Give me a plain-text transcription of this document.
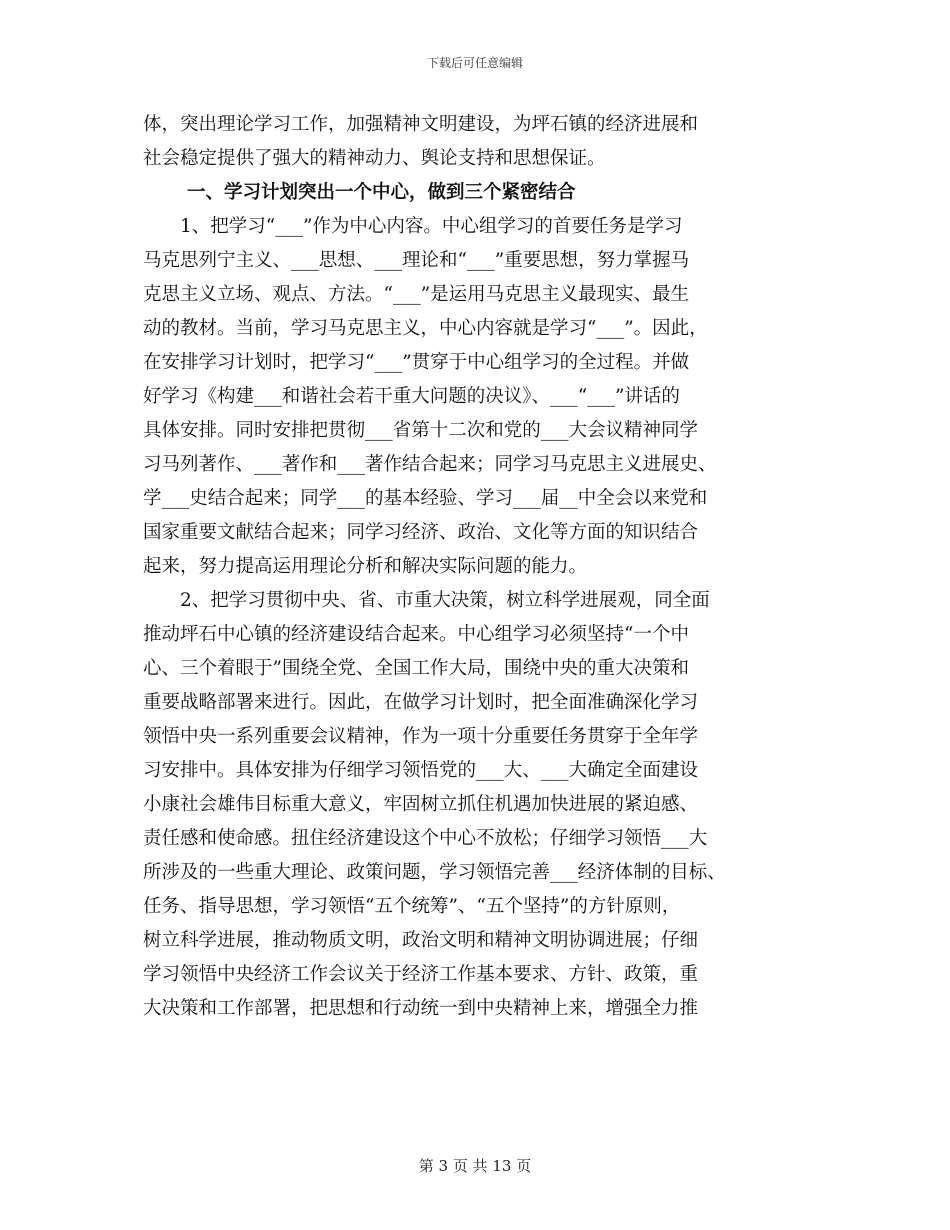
下载后可任意编辑
体，突出理论学习工作，加强精神文明建设，为坪石镇的经济进展和
社会稳定提供了强大的精神动力、舆论支持和思想保证。
一、学习计划突出一个中心，做到三个紧密结合
　　1、把学习“___”作为中心内容。中心组学习的首要任务是学习
马克思列宁主义、___思想、___理论和“___”重要思想，努力掌握马
克思主义立场、观点、方法。“___”是运用马克思主义最现实、最生
动的教材。当前，学习马克思主义，中心内容就是学习“___”。因此，
在安排学习计划时，把学习“___”贯穿于中心组学习的全过程。并做
好学习《构建___和谐社会若干重大问题的决议》、___“___”讲话的
具体安排。同时安排把贯彻___省第十二次和党的___大会议精神同学
习马列著作、___著作和___著作结合起来；同学习马克思主义进展史、
学___史结合起来；同学___的基本经验、学习___届__中全会以来党和
国家重要文献结合起来；同学习经济、政治、文化等方面的知识结合
起来，努力提高运用理论分析和解决实际问题的能力。
　　2、把学习贯彻中央、省、市重大决策，树立科学进展观，同全面
推动坪石中心镇的经济建设结合起来。中心组学习必须坚持“一个中
心、三个着眼于”围绕全党、全国工作大局，围绕中央的重大决策和
重要战略部署来进行。因此，在做学习计划时，把全面准确深化学习
领悟中央一系列重要会议精神，作为一项十分重要任务贯穿于全年学
习安排中。具体安排为仔细学习领悟党的___大、___大确定全面建设
小康社会雄伟目标重大意义，牢固树立抓住机遇加快进展的紧迫感、
责任感和使命感。扭住经济建设这个中心不放松；仔细学习领悟___大
所涉及的一些重大理论、政策问题，学习领悟完善___经济体制的目标、
任务、指导思想，学习领悟“五个统筹”、“五个坚持”的方针原则，
树立科学进展，推动物质文明，政治文明和精神文明协调进展；仔细
学习领悟中央经济工作会议关于经济工作基本要求、方针、政策，重
大决策和工作部署，把思想和行动统一到中央精神上来，增强全力推
第 3 页 共 13 页
